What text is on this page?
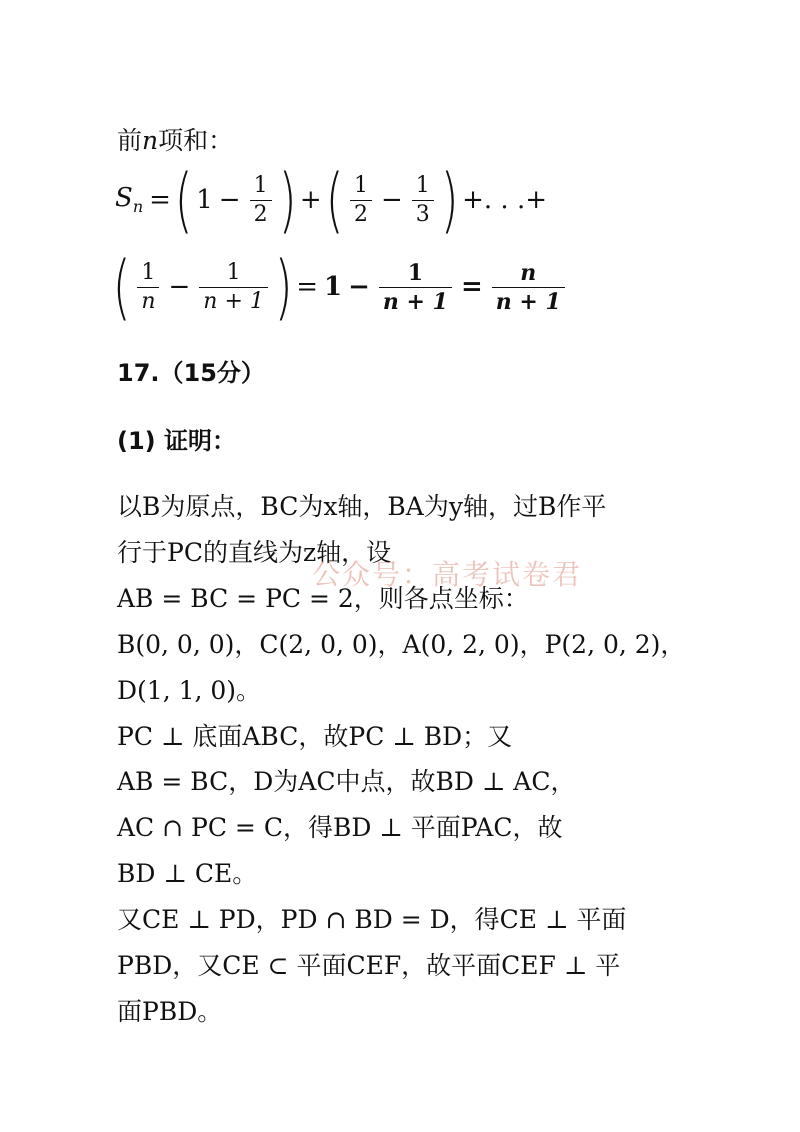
前n项和：
$S_n$ = ( $1 - \frac{1}{2}$ ) + ( $\frac{1}{2} - \frac{1}{3}$ ) +. . .+
( $\frac{1}{n} - \frac{1}{n + 1}$ ) = $1 - \frac{1}{n + 1} = \frac{n}{n + 1}$
17.（15分）
(1) 证明：
以B为原点，BC为x轴，BA为y轴，过B作平
行于PC的直线为z轴，设
AB = BC = PC = 2，则各点坐标：
B(0, 0, 0)，C(2, 0, 0)，A(0, 2, 0)，P(2, 0, 2)，
D(1, 1, 0)。
PC ⊥ 底面ABC，故PC ⊥ BD；又
AB = BC，D为AC中点，故BD ⊥ AC，
AC ∩ PC = C，得BD ⊥ 平面PAC，故
BD ⊥ CE。
又CE ⊥ PD，PD ∩ BD = D，得CE ⊥ 平面
PBD，又CE ⊂ 平面CEF，故平面CEF ⊥ 平
面PBD。
公众号：高考试卷君
